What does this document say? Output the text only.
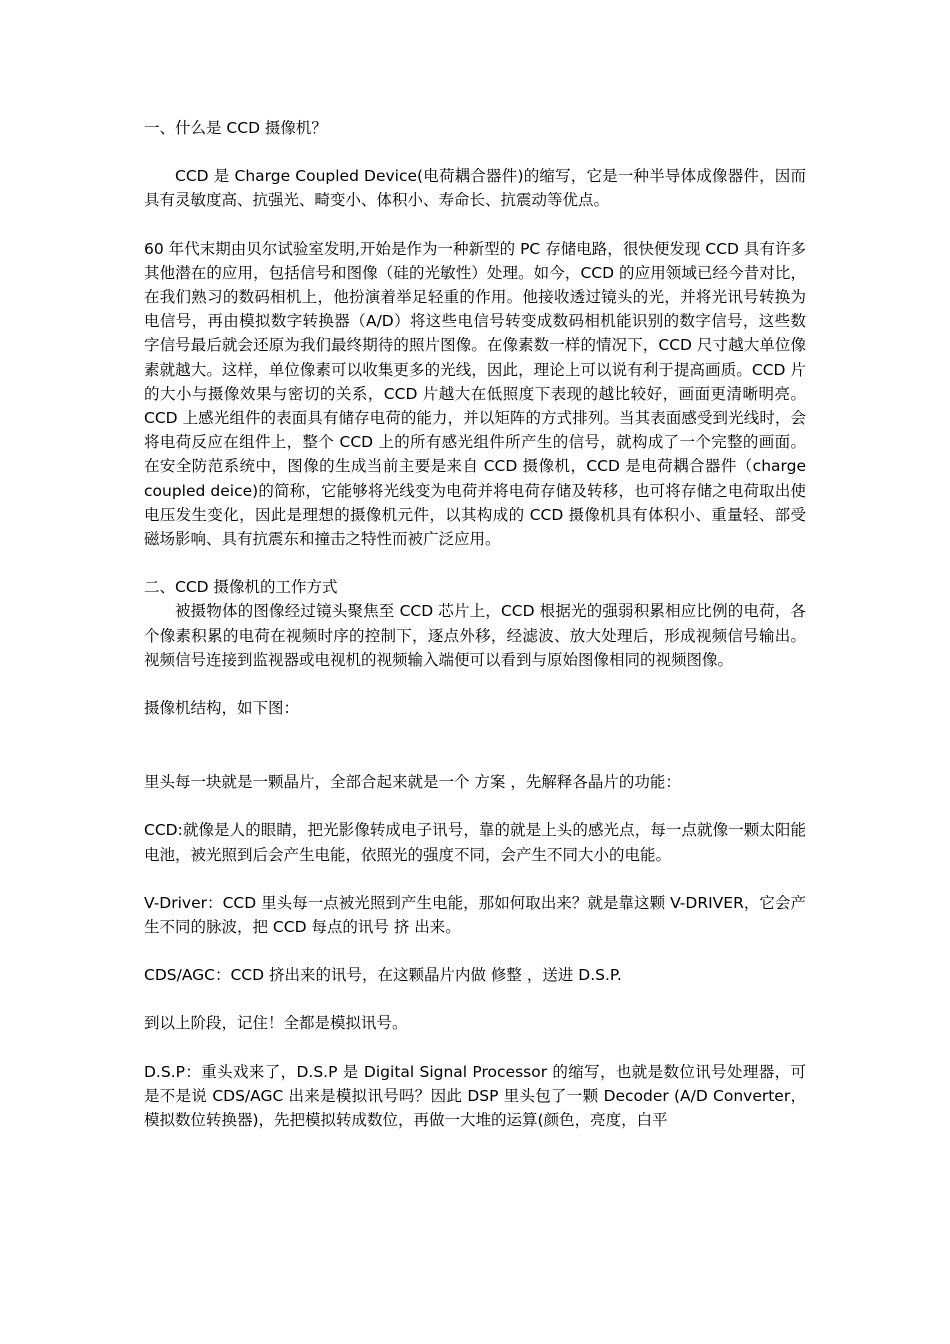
一、什么是 CCD 摄像机？

CCD 是 Charge Coupled Device(电荷耦合器件)的缩写，它是一种半导体成像器件，因而具有灵敏度高、抗强光、畸变小、体积小、寿命长、抗震动等优点。

60 年代末期由贝尔试验室发明,开始是作为一种新型的 PC 存储电路，很快便发现 CCD 具有许多其他潜在的应用，包括信号和图像（硅的光敏性）处理。如今，CCD 的应用领域已经今昔对比，在我们熟习的数码相机上，他扮演着举足轻重的作用。他接收透过镜头的光，并将光讯号转换为电信号，再由模拟数字转换器（A/D）将这些电信号转变成数码相机能识别的数字信号，这些数字信号最后就会还原为我们最终期待的照片图像。在像素数一样的情况下，CCD 尺寸越大单位像素就越大。这样，单位像素可以收集更多的光线，因此，理论上可以说有利于提高画质。CCD 片的大小与摄像效果与密切的关系，CCD 片越大在低照度下表现的越比较好，画面更清晰明亮。CCD 上感光组件的表面具有储存电荷的能力，并以矩阵的方式排列。当其表面感受到光线时，会将电荷反应在组件上，整个 CCD 上的所有感光组件所产生的信号，就构成了一个完整的画面。在安全防范系统中，图像的生成当前主要是来自 CCD 摄像机，CCD 是电荷耦合器件（charge coupled deice)的简称，它能够将光线变为电荷并将电荷存储及转移，也可将存储之电荷取出使电压发生变化，因此是理想的摄像机元件，以其构成的 CCD 摄像机具有体积小、重量轻、部受磁场影响、具有抗震东和撞击之特性而被广泛应用。

二、CCD 摄像机的工作方式

被摄物体的图像经过镜头聚焦至 CCD 芯片上，CCD 根据光的强弱积累相应比例的电荷，各个像素积累的电荷在视频时序的控制下，逐点外移，经滤波、放大处理后，形成视频信号输出。视频信号连接到监视器或电视机的视频输入端便可以看到与原始图像相同的视频图像。

摄像机结构，如下图：

里头每一块就是一颗晶片，全部合起来就是一个 方案 ，先解释各晶片的功能：

CCD:就像是人的眼睛，把光影像转成电子讯号，靠的就是上头的感光点，每一点就像一颗太阳能电池，被光照到后会产生电能，依照光的强度不同，会产生不同大小的电能。

V-Driver：CCD 里头每一点被光照到产生电能，那如何取出来？就是靠这颗 V-DRIVER，它会产生不同的脉波，把 CCD 每点的讯号 挤 出来。

CDS/AGC：CCD 挤出来的讯号，在这颗晶片内做 修整 ，送进 D.S.P.

到以上阶段，记住！全都是模拟讯号。

D.S.P：重头戏来了，D.S.P 是 Digital Signal Processor 的缩写，也就是数位讯号处理器，可是不是说 CDS/AGC 出来是模拟讯号吗？因此 DSP 里头包了一颗 Decoder (A/D Converter， 模拟数位转换器)，先把模拟转成数位，再做一大堆的运算(颜色，亮度，白平
